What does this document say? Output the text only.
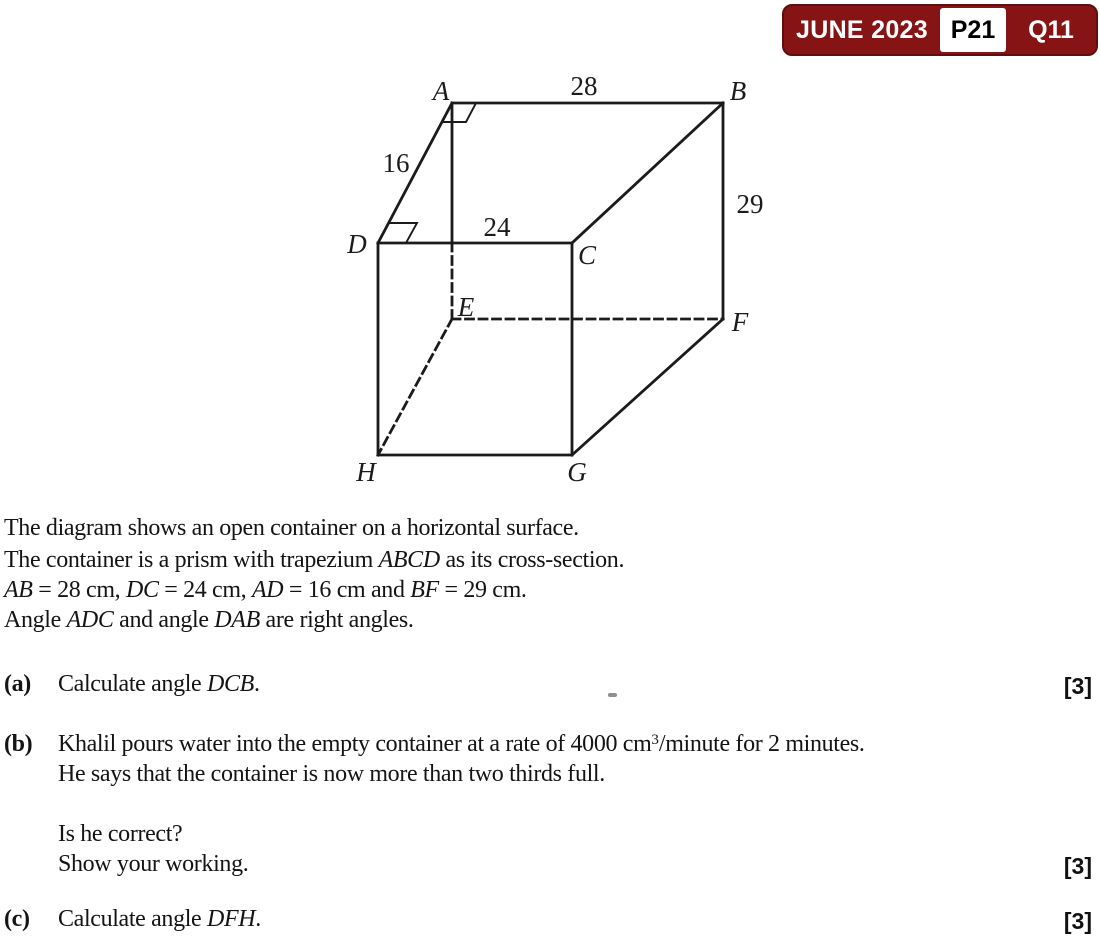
JUNE 2023 P21	Q11
A	B
C
D
E	F
G
H
28
16
24
29
The diagram shows an open container on a horizontal surface.
The container is a prism with trapezium ABCD as its cross-section.
AB = 28 cm, DC = 24 cm, AD = 16 cm and BF = 29 cm.
Angle ADC and angle DAB are right angles.
(a) Calculate angle DCB.	[3]
(b) Khalil pours water into the empty container at a rate of 4000 $cm^3$/minute for 2 minutes.
He says that the container is now more than two thirds full.
Is he correct?
Show your working.	[3]
(c) Calculate angle DFH.	[3]
